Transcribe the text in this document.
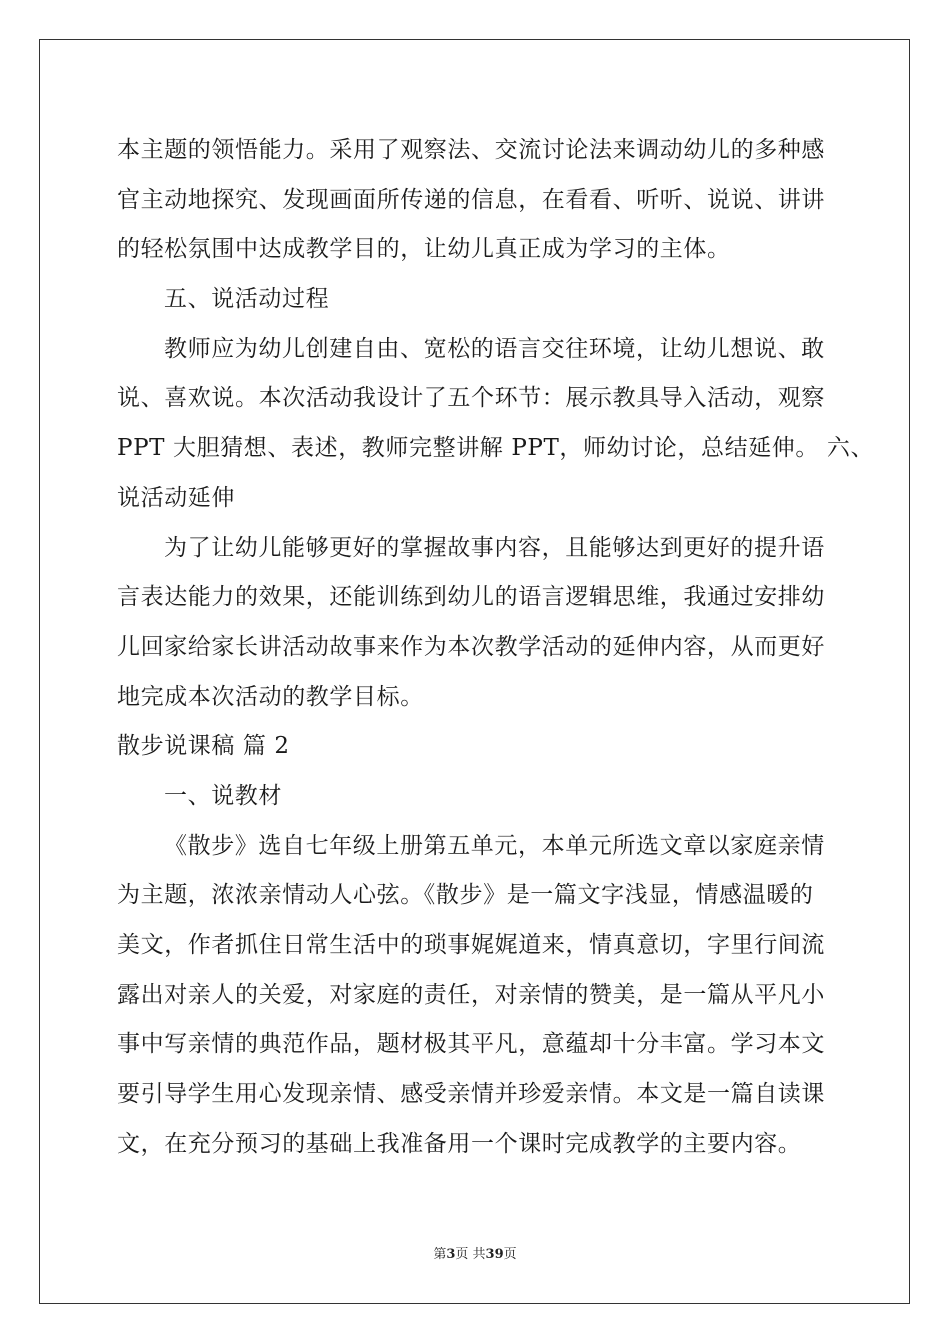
本主题的领悟能力。采用了观察法、交流讨论法来调动幼儿的多种感
官主动地探究、发现画面所传递的信息，在看看、听听、说说、讲讲
的轻松氛围中达成教学目的，让幼儿真正成为学习的主体。
五、说活动过程
教师应为幼儿创建自由、宽松的语言交往环境，让幼儿想说、敢
说、喜欢说。本次活动我设计了五个环节：展示教具导入活动，观察
PPT 大胆猜想、表述，教师完整讲解 PPT，师幼讨论，总结延伸。 六、
说活动延伸
为了让幼儿能够更好的掌握故事内容，且能够达到更好的提升语
言表达能力的效果，还能训练到幼儿的语言逻辑思维，我通过安排幼
儿回家给家长讲活动故事来作为本次教学活动的延伸内容，从而更好
地完成本次活动的教学目标。
散步说课稿 篇 2
一、说教材
《散步》选自七年级上册第五单元，本单元所选文章以家庭亲情
为主题，浓浓亲情动人心弦。《散步》是一篇文字浅显，情感温暖的
美文，作者抓住日常生活中的琐事娓娓道来，情真意切，字里行间流
露出对亲人的关爱，对家庭的责任，对亲情的赞美，是一篇从平凡小
事中写亲情的典范作品，题材极其平凡，意蕴却十分丰富。学习本文
要引导学生用心发现亲情、感受亲情并珍爱亲情。本文是一篇自读课
文，在充分预习的基础上我准备用一个课时完成教学的主要内容。
第3页 共39页
